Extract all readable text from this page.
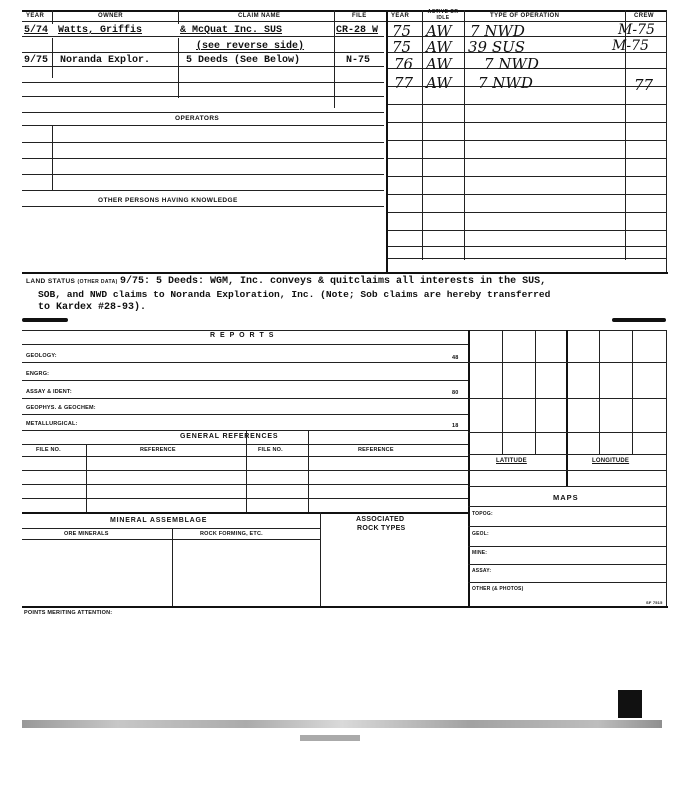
YEAR	OWNER	CLAIM NAME	FILE	YEAR
ACTIVE OR IDLE	TYPE OF OPERATION	CREW
5/74 Watts, Griffis	& McQuat Inc. SUS	CR-28 W
(see reverse side)
9/75 Noranda Explor.	5 Deeds (See Below)	N-75
75 AW 7 NWD	M-75
75 AW 39 SUS	M-75
76 AW 7 NWD
77 AW 7 NWD	77
OPERATORS
OTHER PERSONS HAVING KNOWLEDGE
LAND STATUS (OTHER DATA) 9/75: 5 Deeds: WGM, Inc. conveys & quitclaims all interests in the SUS,
SOB, and NWD claims to Noranda Exploration, Inc. (Note; Sob claims are hereby transferred
to Kardex #28-93).
R E P O R T S
GEOLOGY:	48
ENGRG:
ASSAY & IDENT:	80
GEOPHYS. & GEOCHEM:
METALLURGICAL:	18
LATITUDE	LONGITUDE
MAPS
TOPOG:
GEOL:
MINE:
ASSAY:
OTHER (& PHOTOS)
GENERAL REFERENCES
FILE NO.	REFERENCE	FILE NO.	REFERENCE
MINERAL ASSEMBLAGE
ORE MINERALS	ROCK FORMING, ETC.
ASSOCIATED
ROCK TYPES
POINTS MERITING ATTENTION:
SF 7515
